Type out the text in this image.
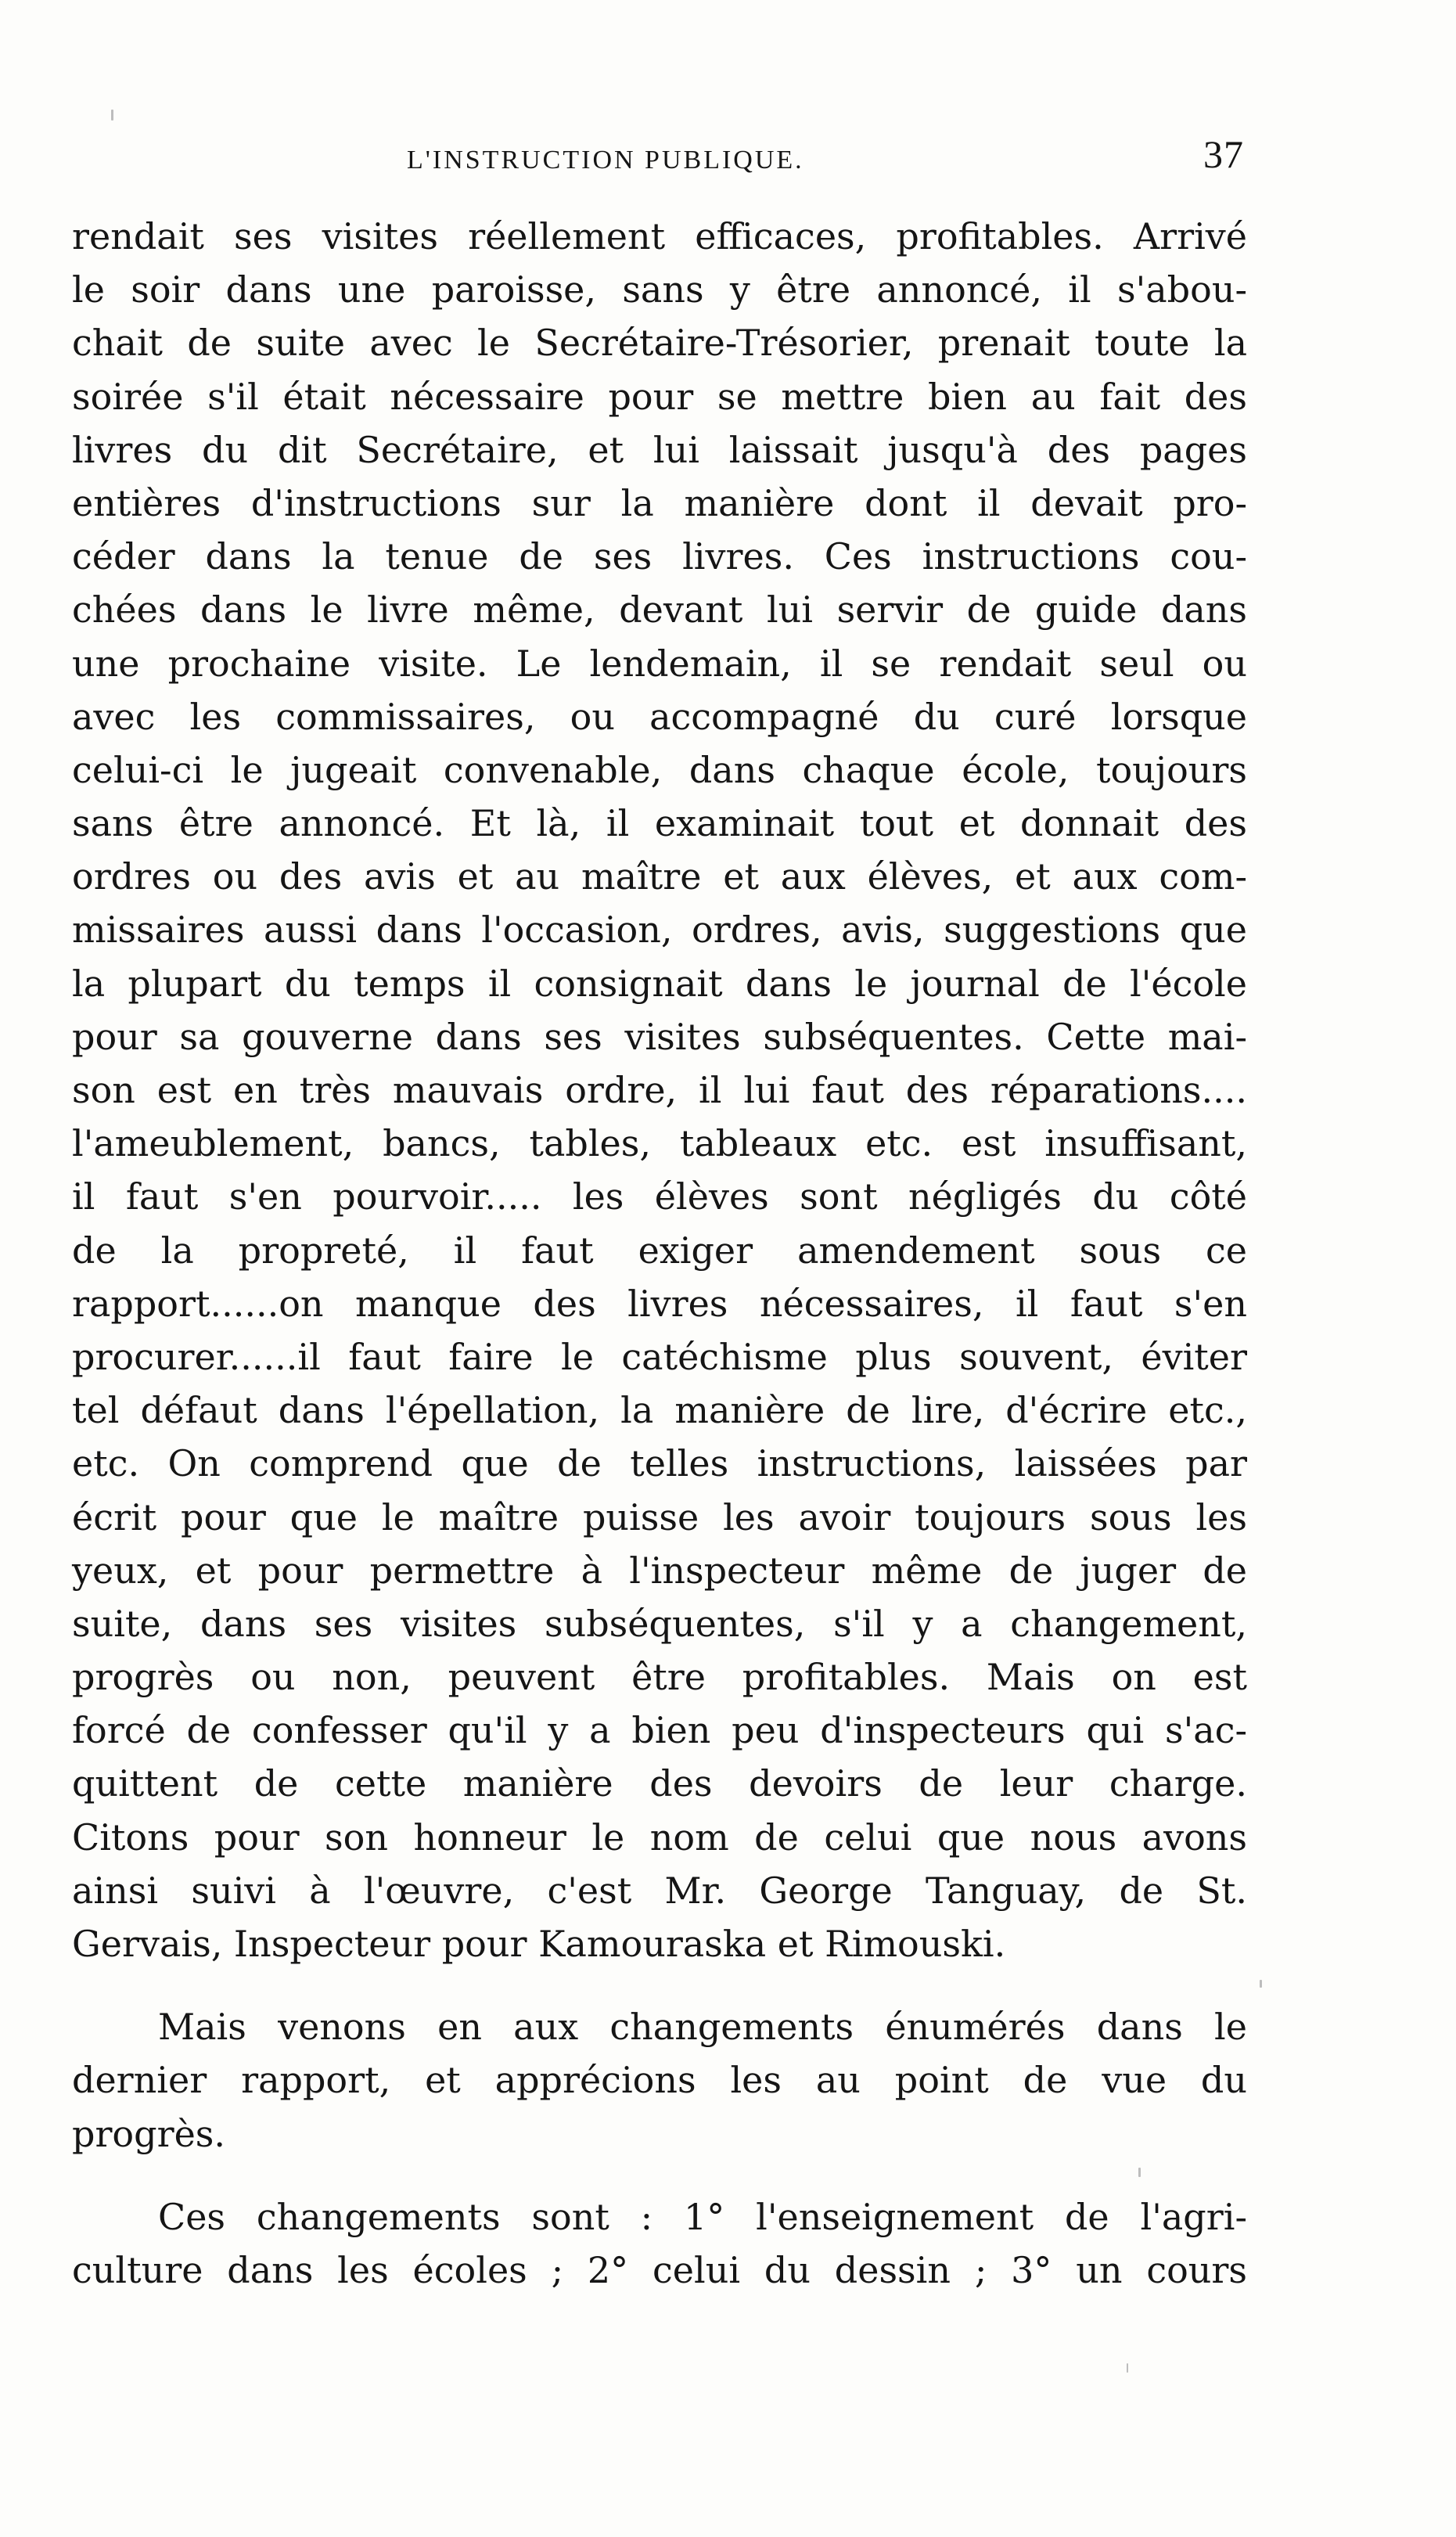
L'INSTRUCTION PUBLIQUE.	37
rendait ses visites réellement efficaces, profitables. Arrivé
le soir dans une paroisse, sans y être annoncé, il s'abou-
chait de suite avec le Secrétaire-Trésorier, prenait toute la
soirée s'il était nécessaire pour se mettre bien au fait des
livres du dit Secrétaire, et lui laissait jusqu'à des pages
entières d'instructions sur la manière dont il devait pro-
céder dans la tenue de ses livres. Ces instructions cou-
chées dans le livre même, devant lui servir de guide dans
une prochaine visite. Le lendemain, il se rendait seul ou
avec les commissaires, ou accompagné du curé lorsque
celui-ci le jugeait convenable, dans chaque école, toujours
sans être annoncé. Et là, il examinait tout et donnait des
ordres ou des avis et au maître et aux élèves, et aux com-
missaires aussi dans l'occasion, ordres, avis, suggestions que
la plupart du temps il consignait dans le journal de l'école
pour sa gouverne dans ses visites subséquentes. Cette mai-
son est en très mauvais ordre, il lui faut des réparations....
l'ameublement, bancs, tables, tableaux etc. est insuffisant,
il faut s'en pourvoir..... les élèves sont négligés du côté
de la propreté, il faut exiger amendement sous ce
rapport......on manque des livres nécessaires, il faut s'en
procurer......il faut faire le catéchisme plus souvent, éviter
tel défaut dans l'épellation, la manière de lire, d'écrire etc.,
etc. On comprend que de telles instructions, laissées par
écrit pour que le maître puisse les avoir toujours sous les
yeux, et pour permettre à l'inspecteur même de juger de
suite, dans ses visites subséquentes, s'il y a changement,
progrès ou non, peuvent être profitables. Mais on est
forcé de confesser qu'il y a bien peu d'inspecteurs qui s'ac-
quittent de cette manière des devoirs de leur charge.
Citons pour son honneur le nom de celui que nous avons
ainsi suivi à l'œuvre, c'est Mr. George Tanguay, de St.
Gervais, Inspecteur pour Kamouraska et Rimouski.
Mais venons en aux changements énumérés dans le
dernier rapport, et apprécions les au point de vue du
progrès.
Ces changements sont : 1° l'enseignement de l'agri-
culture dans les écoles ; 2° celui du dessin ; 3° un cours
